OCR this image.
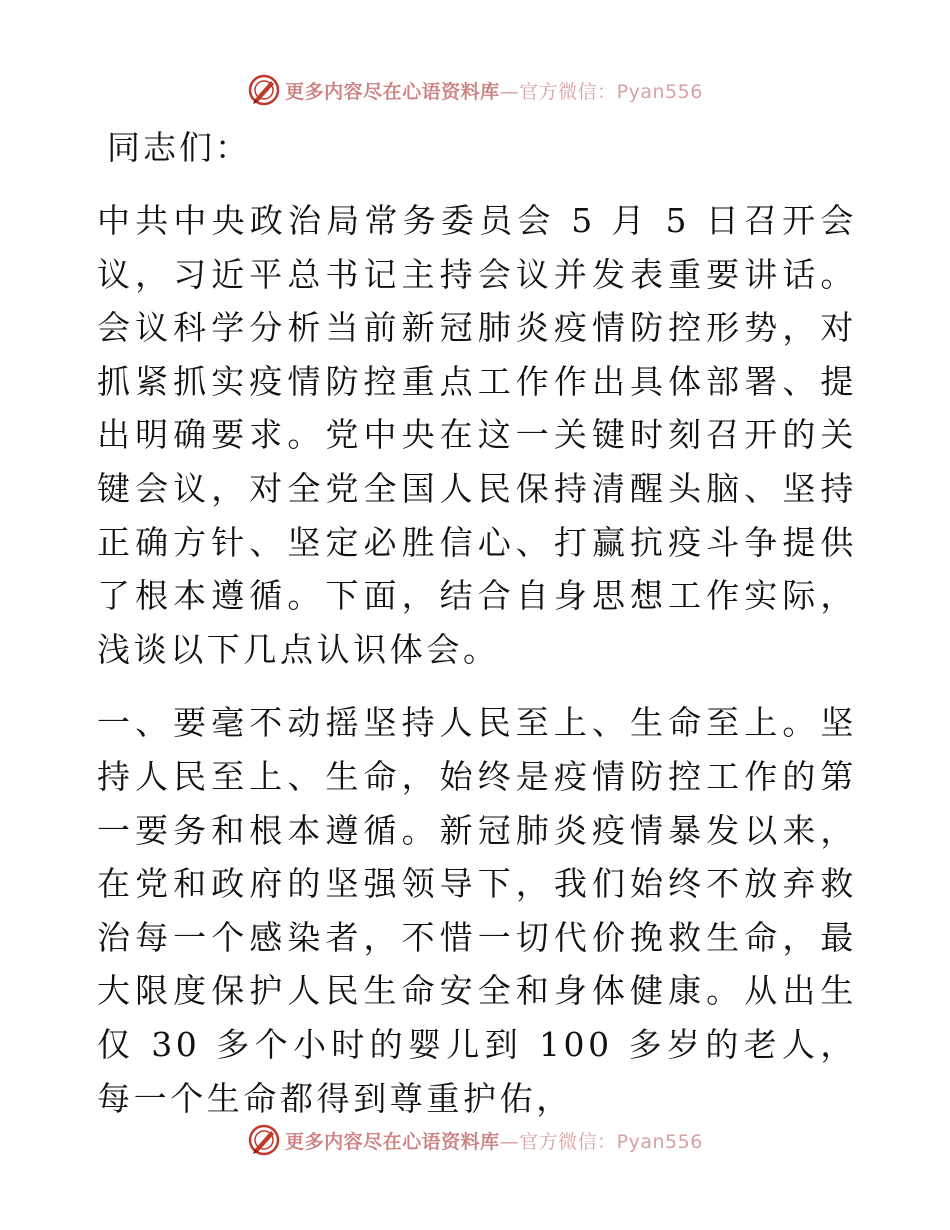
更多内容尽在心语资料库—官方微信：Pyan556
同志们：

中共中央政治局常务委员会 5 月 5 日召开会议，习近平总书记主持会议并发表重要讲话。会议科学分析当前新冠肺炎疫情防控形势，对抓紧抓实疫情防控重点工作作出具体部署、提出明确要求。党中央在这一关键时刻召开的关键会议，对全党全国人民保持清醒头脑、坚持正确方针、坚定必胜信心、打赢抗疫斗争提供了根本遵循。下面，结合自身思想工作实际，浅谈以下几点认识体会。

一、要毫不动摇坚持人民至上、生命至上。坚持人民至上、生命，始终是疫情防控工作的第一要务和根本遵循。新冠肺炎疫情暴发以来，在党和政府的坚强领导下，我们始终不放弃救治每一个感染者，不惜一切代价挽救生命，最大限度保护人民生命安全和身体健康。从出生仅 30 多个小时的婴儿到 100 多岁的老人，每一个生命都得到尊重护佑，

更多内容尽在心语资料库—官方微信：Pyan556
